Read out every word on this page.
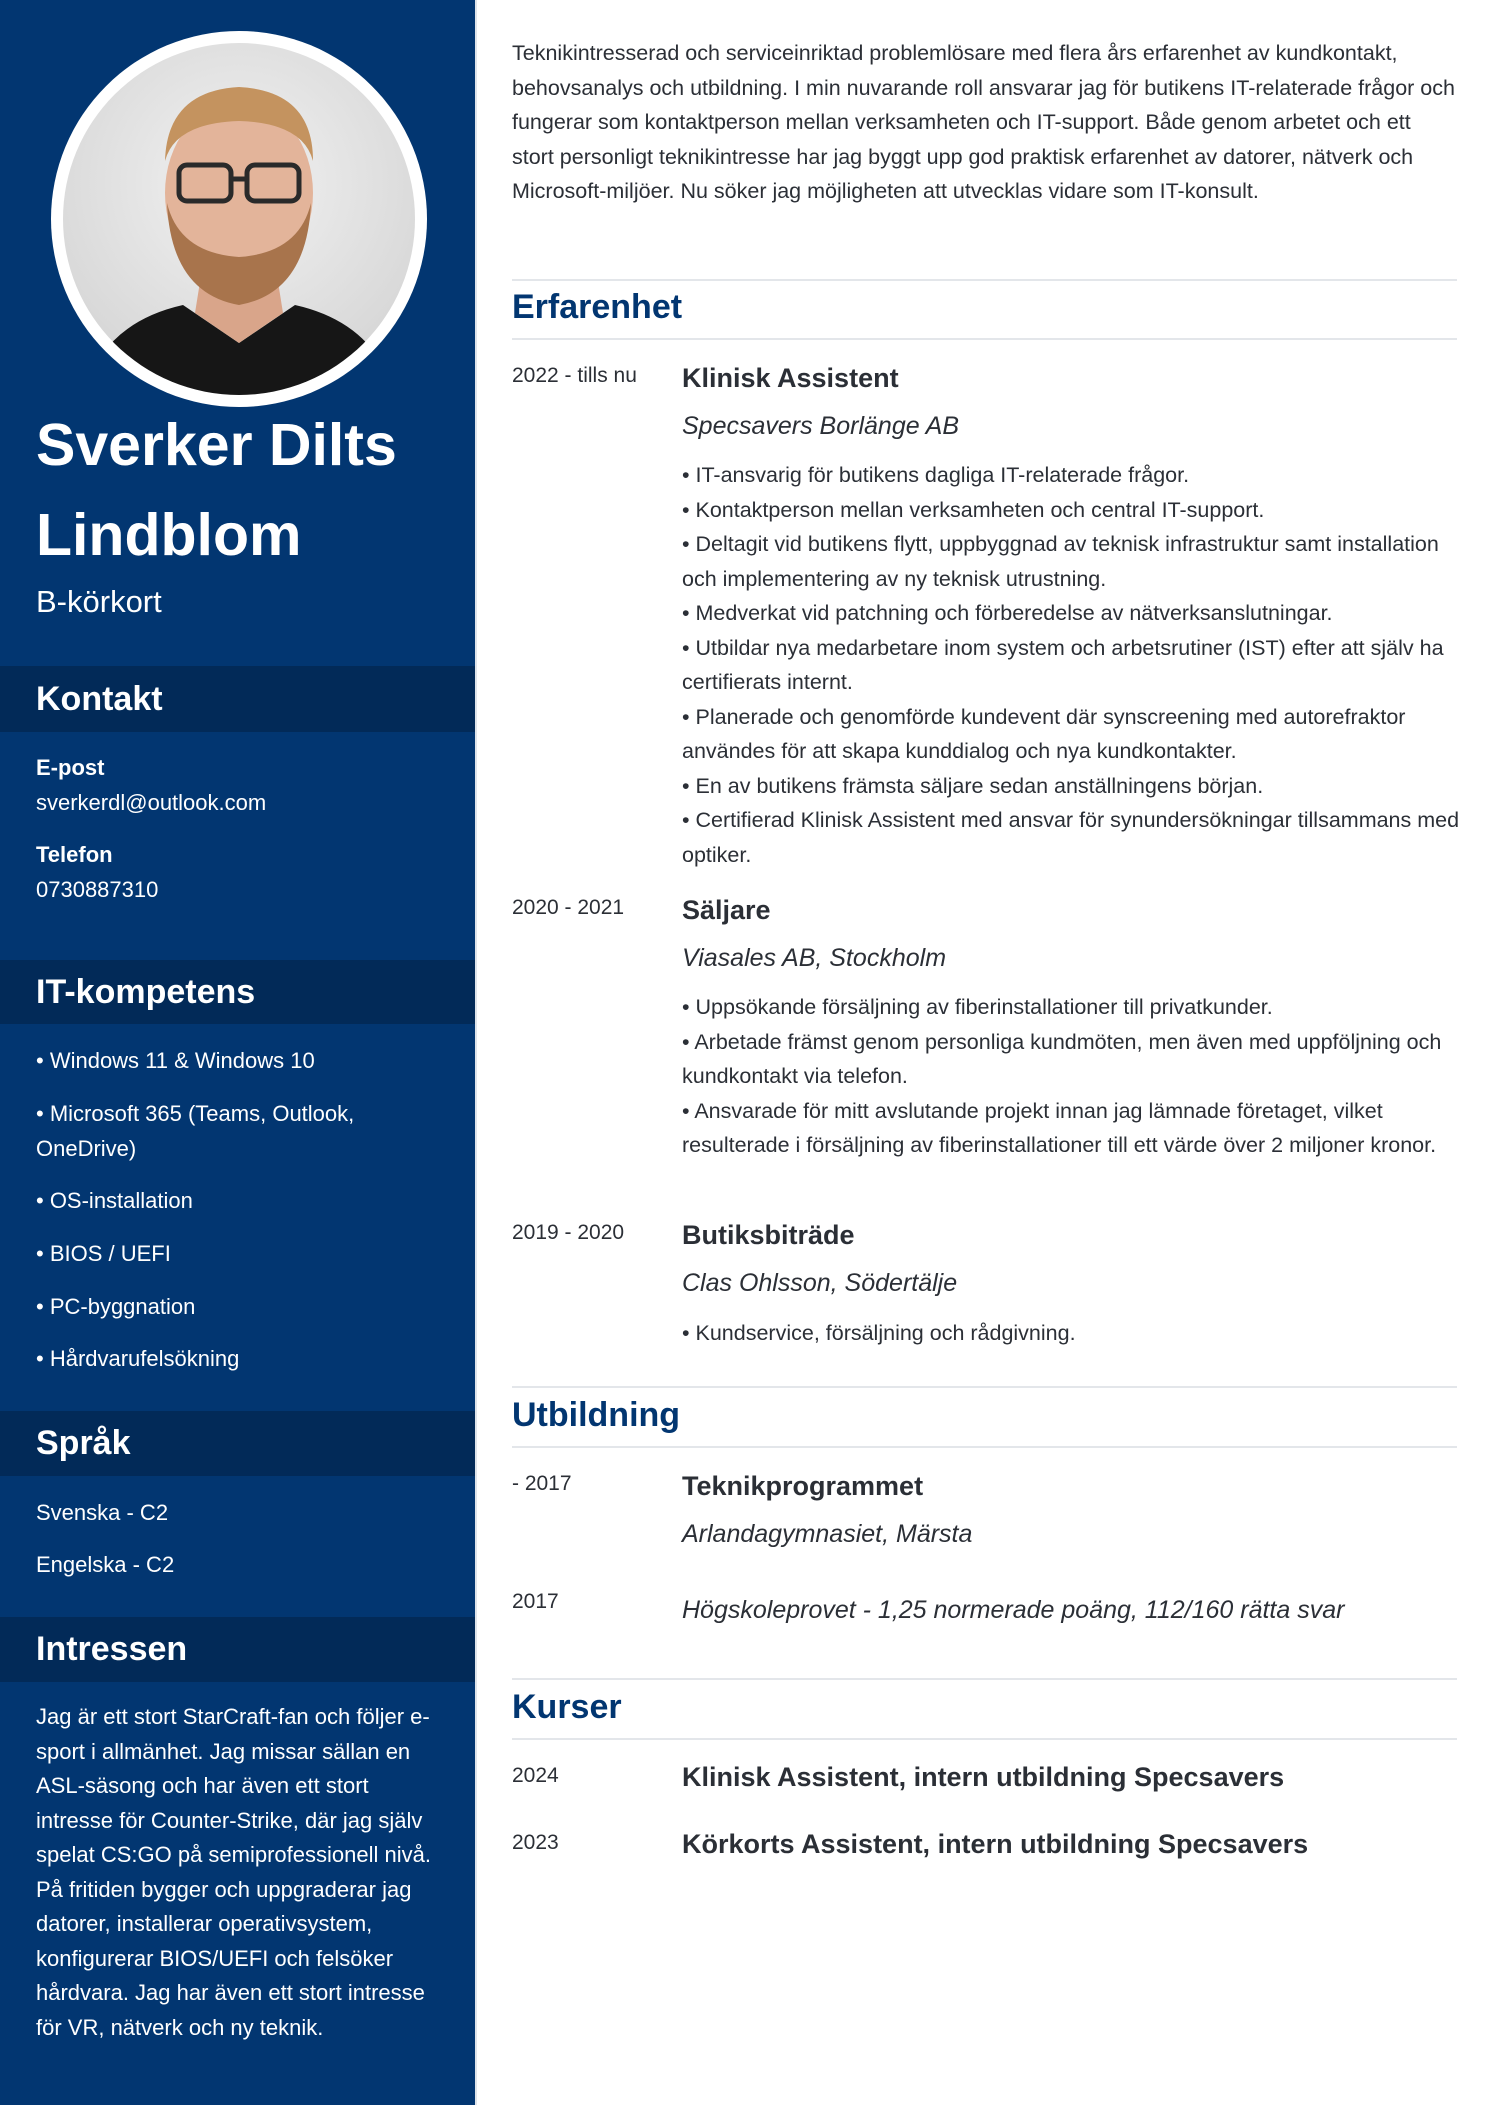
Sverker Dilts Lindblom
B-körkort
Kontakt
E-post
sverkerdl@outlook.com
Telefon
0730887310
IT-kompetens
• Windows 11 & Windows 10
• Microsoft 365 (Teams, Outlook, OneDrive)
• OS-installation
• BIOS / UEFI
• PC-byggnation
• Hårdvarufelsökning
Språk
Svenska - C2
Engelska - C2
Intressen
Jag är ett stort StarCraft-fan och följer e-sport i allmänhet. Jag missar sällan en ASL-säsong och har även ett stort intresse för Counter-Strike, där jag själv spelat CS:GO på semiprofessionell nivå. På fritiden bygger och uppgraderar jag datorer, installerar operativsystem, konfigurerar BIOS/UEFI och felsöker hårdvara. Jag har även ett stort intresse för VR, nätverk och ny teknik.
Teknikintresserad och serviceinriktad problemlösare med flera års erfarenhet av kundkontakt, behovsanalys och utbildning. I min nuvarande roll ansvarar jag för butikens IT-relaterade frågor och fungerar som kontaktperson mellan verksamheten och IT-support. Både genom arbetet och ett stort personligt teknikintresse har jag byggt upp god praktisk erfarenhet av datorer, nätverk och Microsoft-miljöer. Nu söker jag möjligheten att utvecklas vidare som IT-konsult.
Erfarenhet
2022 - tills nu Klinisk Assistent
Specsavers Borlänge AB
• IT-ansvarig för butikens dagliga IT-relaterade frågor.
• Kontaktperson mellan verksamheten och central IT-support.
• Deltagit vid butikens flytt, uppbyggnad av teknisk infrastruktur samt installation och implementering av ny teknisk utrustning.
• Medverkat vid patchning och förberedelse av nätverksanslutningar.
• Utbildar nya medarbetare inom system och arbetsrutiner (IST) efter att själv ha certifierats internt.
• Planerade och genomförde kundevent där synscreening med autorefraktor användes för att skapa kunddialog och nya kundkontakter.
• En av butikens främsta säljare sedan anställningens början.
• Certifierad Klinisk Assistent med ansvar för synundersökningar tillsammans med optiker.
2020 - 2021 Säljare
Viasales AB, Stockholm
• Uppsökande försäljning av fiberinstallationer till privatkunder.
• Arbetade främst genom personliga kundmöten, men även med uppföljning och kundkontakt via telefon.
• Ansvarade för mitt avslutande projekt innan jag lämnade företaget, vilket resulterade i försäljning av fiberinstallationer till ett värde över 2 miljoner kronor.
2019 - 2020 Butiksbiträde
Clas Ohlsson, Södertälje
• Kundservice, försäljning och rådgivning.
Utbildning
- 2017	Teknikprogrammet
Arlandagymnasiet, Märsta
2017	Högskoleprovet - 1,25 normerade poäng, 112/160 rätta svar
Kurser
2024	Klinisk Assistent, intern utbildning Specsavers
2023	Körkorts Assistent, intern utbildning Specsavers
